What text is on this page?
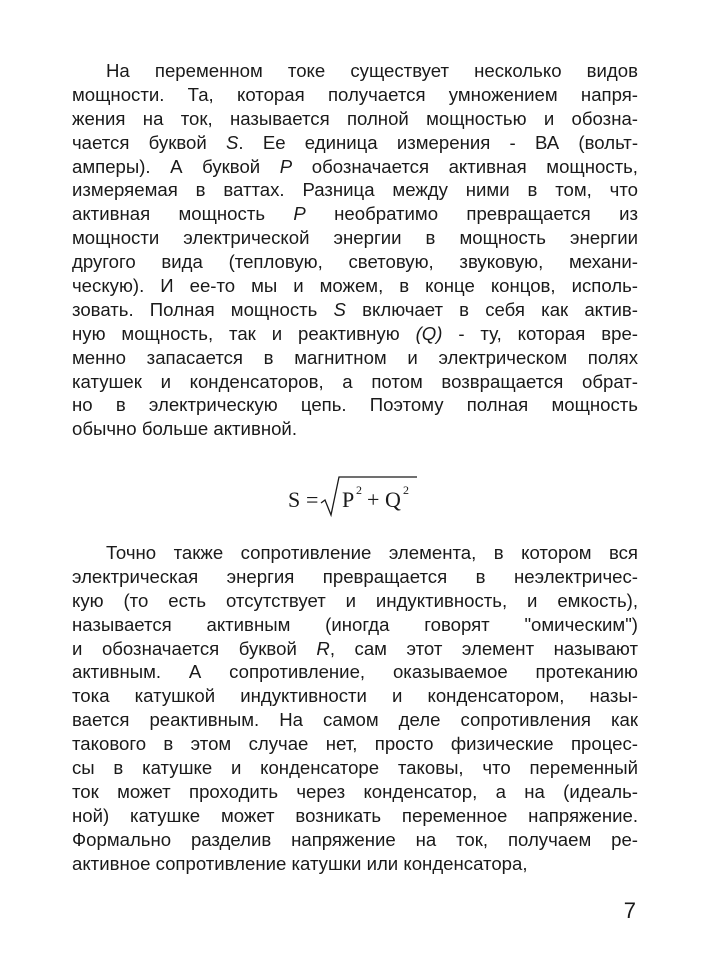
На переменном токе существует несколько видов
мощности. Та, которая получается умножением напря-
жения на ток, называется полной мощностью и обозна-
чается буквой S. Ее единица измерения - ВА (вольт-
амперы). А буквой P обозначается активная мощность,
измеряемая в ваттах. Разница между ними в том, что
активная мощность P необратимо превращается из
мощности электрической энергии в мощность энергии
другого вида (тепловую, световую, звуковую, механи-
ческую). И ее-то мы и можем, в конце концов, исполь-
зовать. Полная мощность S включает в себя как актив-
ную мощность, так и реактивную (Q) - ту, которая вре-
менно запасается в магнитном и электрическом полях
катушек и конденсаторов, а потом возвращается обрат-
но в электрическую цепь. Поэтому полная мощность
обычно больше активной.
S = P 2 + Q 2
Точно также сопротивление элемента, в котором вся
электрическая энергия превращается в неэлектричес-
кую (то есть отсутствует и индуктивность, и емкость),
называется активным (иногда говорят "омическим")
и обозначается буквой R, сам этот элемент называют
активным. А сопротивление, оказываемое протеканию
тока катушкой индуктивности и конденсатором, назы-
вается реактивным. На самом деле сопротивления как
такового в этом случае нет, просто физические процес-
сы в катушке и конденсаторе таковы, что переменный
ток может проходить через конденсатор, а на (идеаль-
ной) катушке может возникать переменное напряжение.
Формально разделив напряжение на ток, получаем ре-
активное сопротивление катушки или конденсатора,
7
